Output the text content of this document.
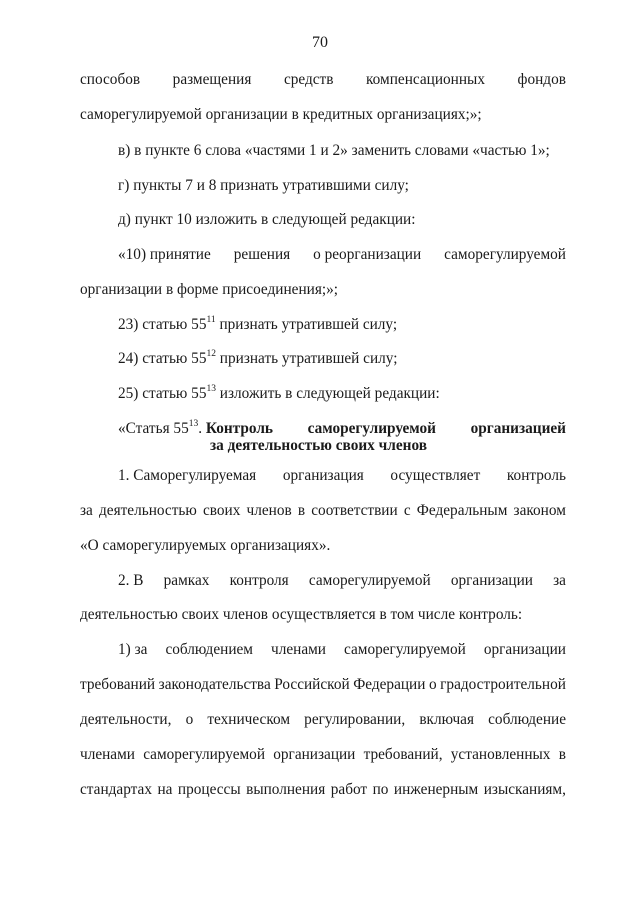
70
способов размещения средств компенсационных фондов
саморегулируемой организации в кредитных организациях;»;
в) в пункте 6 слова «частями 1 и 2» заменить словами «частью 1»;
г) пункты 7 и 8 признать утратившими силу;
д) пункт 10 изложить в следующей редакции:
«10) принятие решения о реорганизации саморегулируемой
организации в форме присоединения;»;
23) статью $55^{11}$ признать утратившей силу;
24) статью $55^{12}$ признать утратившей силу;
25) статью $55^{13}$ изложить в следующей редакции:
«Статья $55^{13}$. Контроль саморегулируемой организацией
за деятельностью своих членов
1. Саморегулируемая организация осуществляет контроль
за деятельностью своих членов в соответствии с Федеральным законом
«О саморегулируемых организациях».
2. В рамках контроля саморегулируемой организации за
деятельностью своих членов осуществляется в том числе контроль:
1) за соблюдением членами саморегулируемой организации
требований законодательства Российской Федерации о градостроительной
деятельности, о техническом регулировании, включая соблюдение
членами саморегулируемой организации требований, установленных в
стандартах на процессы выполнения работ по инженерным изысканиям,
